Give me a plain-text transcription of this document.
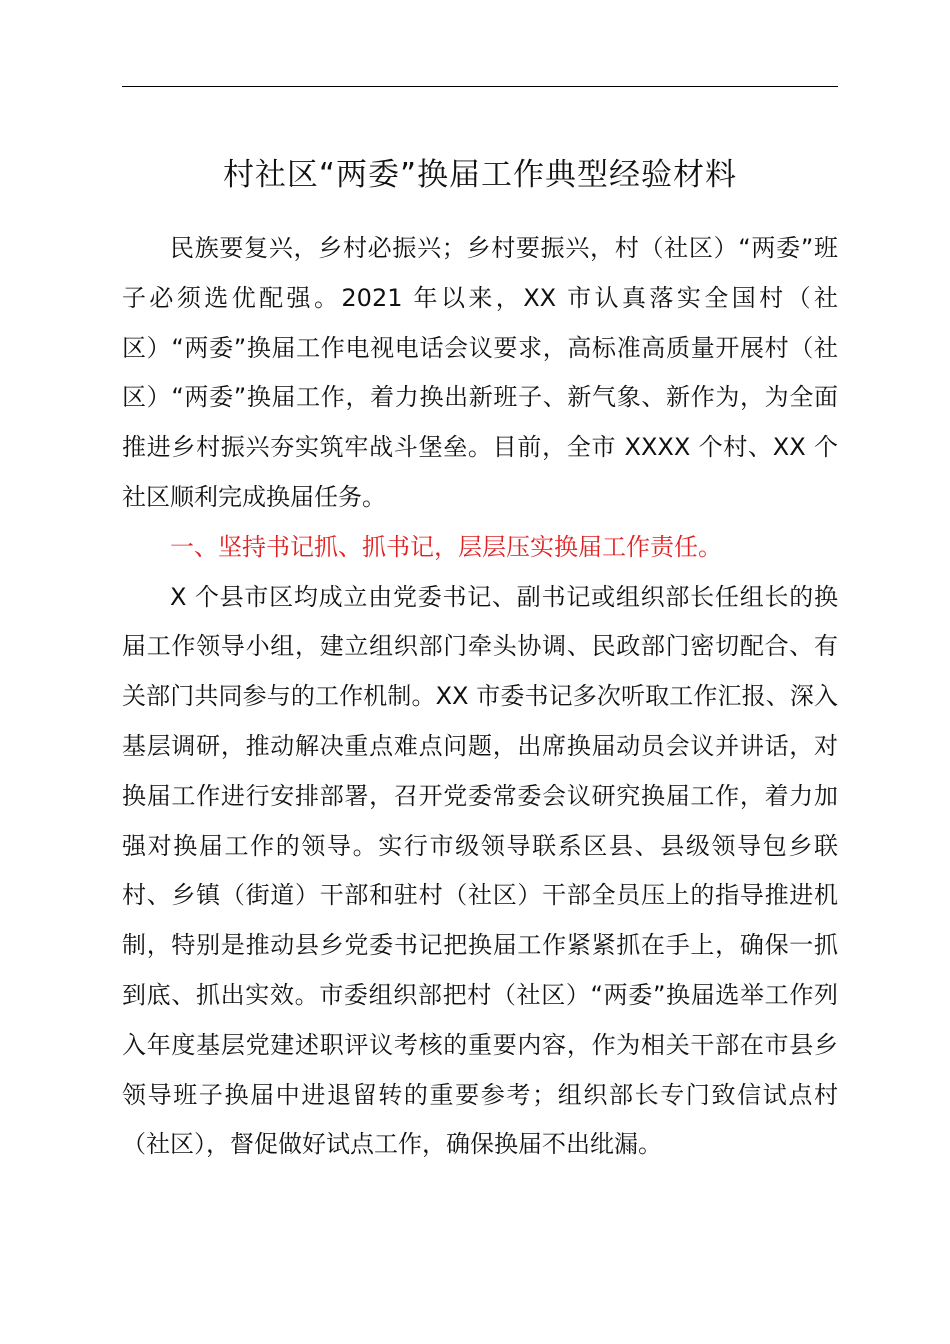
村社区“两委”换届工作典型经验材料

民族要复兴，乡村必振兴；乡村要振兴，村（社区）“两委”班子必须选优配强。2021 年以来，XX 市认真落实全国村（社区）“两委”换届工作电视电话会议要求，高标准高质量开展村（社区）“两委”换届工作，着力换出新班子、新气象、新作为，为全面推进乡村振兴夯实筑牢战斗堡垒。目前，全市 XXXX 个村、XX 个社区顺利完成换届任务。

一、坚持书记抓、抓书记，层层压实换届工作责任。

X 个县市区均成立由党委书记、副书记或组织部长任组长的换届工作领导小组，建立组织部门牵头协调、民政部门密切配合、有关部门共同参与的工作机制。XX 市委书记多次听取工作汇报、深入基层调研，推动解决重点难点问题，出席换届动员会议并讲话，对换届工作进行安排部署，召开党委常委会议研究换届工作，着力加强对换届工作的领导。实行市级领导联系区县、县级领导包乡联村、乡镇（街道）干部和驻村（社区）干部全员压上的指导推进机制，特别是推动县乡党委书记把换届工作紧紧抓在手上，确保一抓到底、抓出实效。市委组织部把村（社区）“两委”换届选举工作列入年度基层党建述职评议考核的重要内容，作为相关干部在市县乡领导班子换届中进退留转的重要参考；组织部长专门致信试点村（社区），督促做好试点工作，确保换届不出纰漏。
